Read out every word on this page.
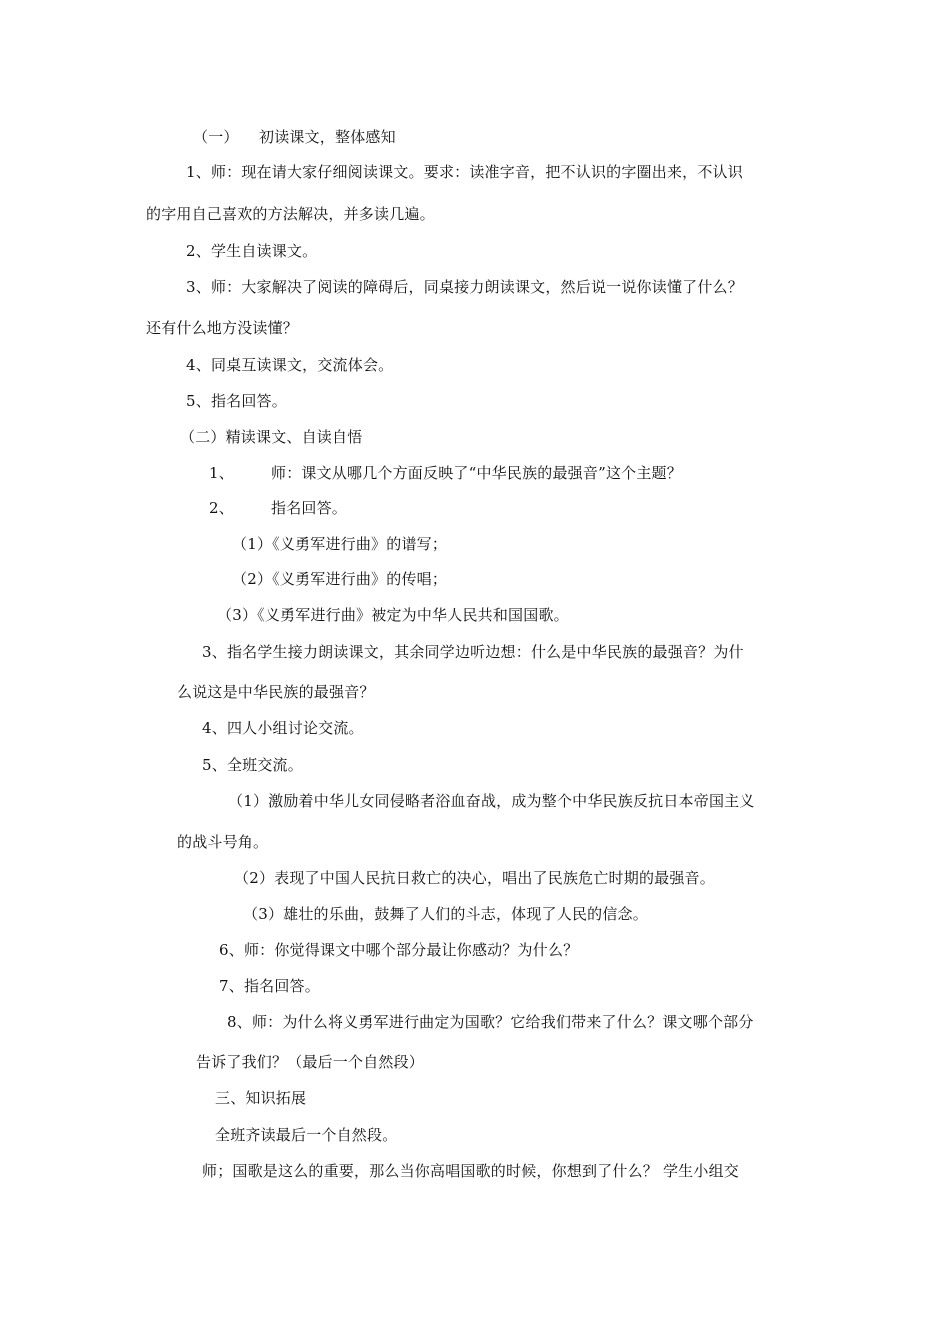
（一） 初读课文，整体感知
1、师：现在请大家仔细阅读课文。要求：读准字音，把不认识的字圈出来，不认识
的字用自己喜欢的方法解决，并多读几遍。
2、学生自读课文。
3、师：大家解决了阅读的障碍后，同桌接力朗读课文，然后说一说你读懂了什么？
还有什么地方没读懂？
4、同桌互读课文，交流体会。
5、指名回答。
（二）精读课文、自读自悟
1、 师：课文从哪几个方面反映了“中华民族的最强音”这个主题？
2、 指名回答。
（1）《义勇军进行曲》的谱写；
（2）《义勇军进行曲》的传唱；
（3）《义勇军进行曲》被定为中华人民共和国国歌。
3、指名学生接力朗读课文，其余同学边听边想：什么是中华民族的最强音？为什
么说这是中华民族的最强音？
4、四人小组讨论交流。
5、全班交流。
（1）激励着中华儿女同侵略者浴血奋战，成为整个中华民族反抗日本帝国主义
的战斗号角。
（2）表现了中国人民抗日救亡的决心，唱出了民族危亡时期的最强音。
（3）雄壮的乐曲，鼓舞了人们的斗志，体现了人民的信念。
6、师：你觉得课文中哪个部分最让你感动？为什么？
7、指名回答。
8、师：为什么将义勇军进行曲定为国歌？它给我们带来了什么？课文哪个部分
告诉了我们？（最后一个自然段）
三、知识拓展
全班齐读最后一个自然段。
师；国歌是这么的重要，那么当你高唱国歌的时候，你想到了什么？ 学生小组交
